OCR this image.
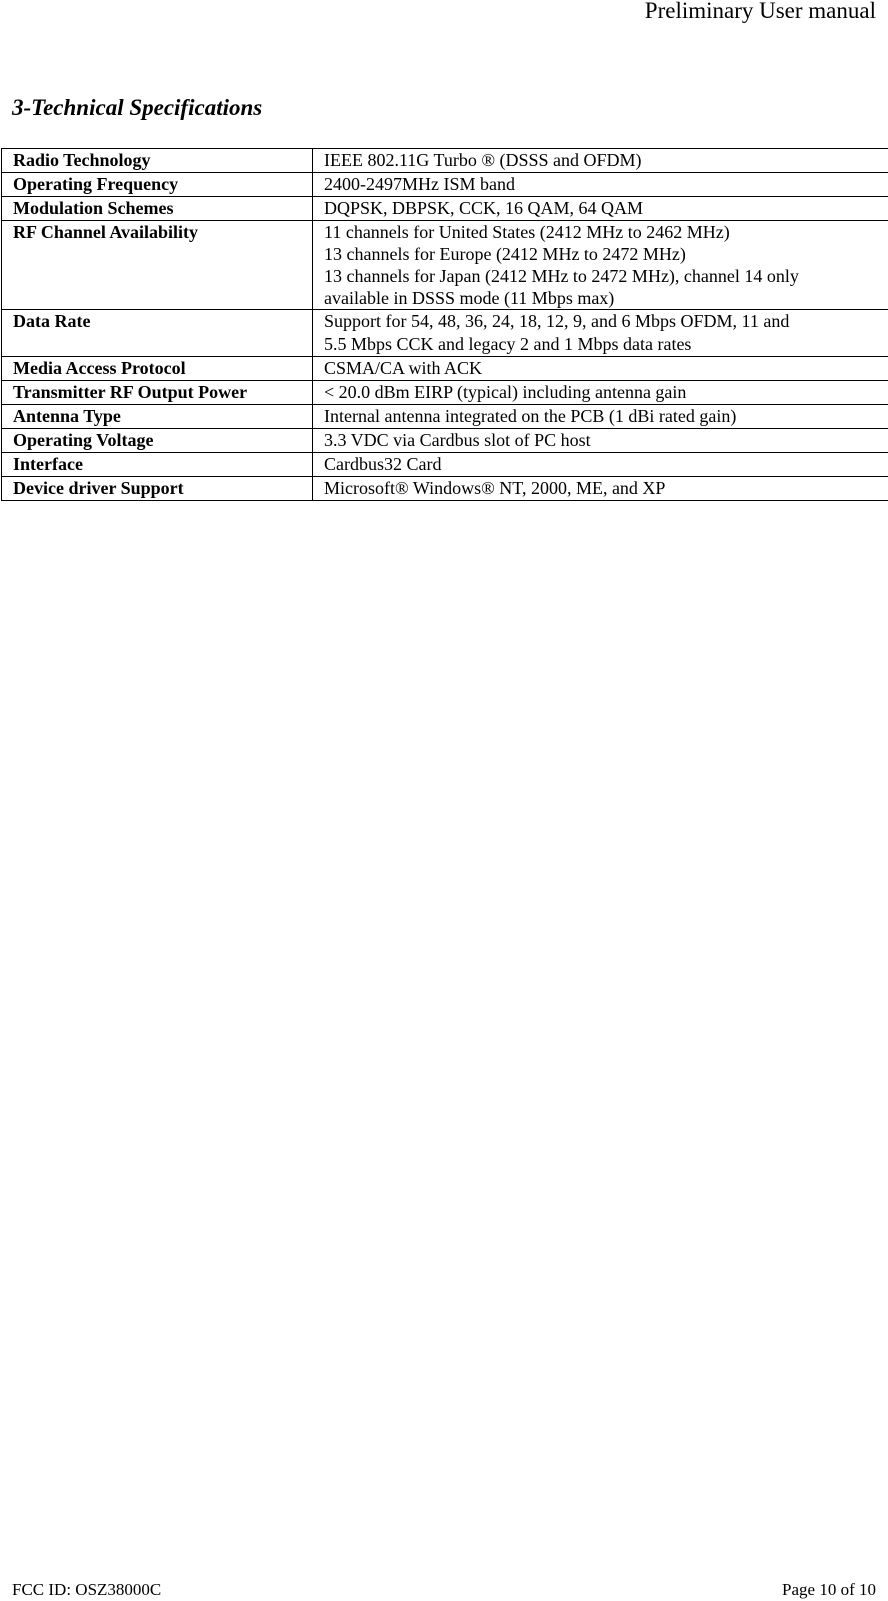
Preliminary User manual
3-Technical Specifications
Radio Technology	IEEE 802.11G Turbo ® (DSSS and OFDM)

Operating Frequency	2400-2497MHz ISM band

Modulation Schemes	DQPSK, DBPSK, CCK, 16 QAM, 64 QAM

RF Channel Availability	11 channels for United States (2412 MHz to 2462 MHz)
13 channels for Europe (2412 MHz to 2472 MHz)
13 channels for Japan (2412 MHz to 2472 MHz), channel 14 only
available in DSSS mode (11 Mbps max)

Data Rate	Support for 54, 48, 36, 24, 18, 12, 9, and 6 Mbps OFDM, 11 and
5.5 Mbps CCK and legacy 2 and 1 Mbps data rates

Media Access Protocol	CSMA/CA with ACK

Transmitter RF Output Power	< 20.0 dBm EIRP (typical) including antenna gain

Antenna Type	Internal antenna integrated on the PCB (1 dBi rated gain)

Operating Voltage	3.3 VDC via Cardbus slot of PC host

Interface	Cardbus32 Card

Device driver Support	Microsoft® Windows® NT, 2000, ME, and XP
FCC ID: OSZ38000C	Page 10 of 10
